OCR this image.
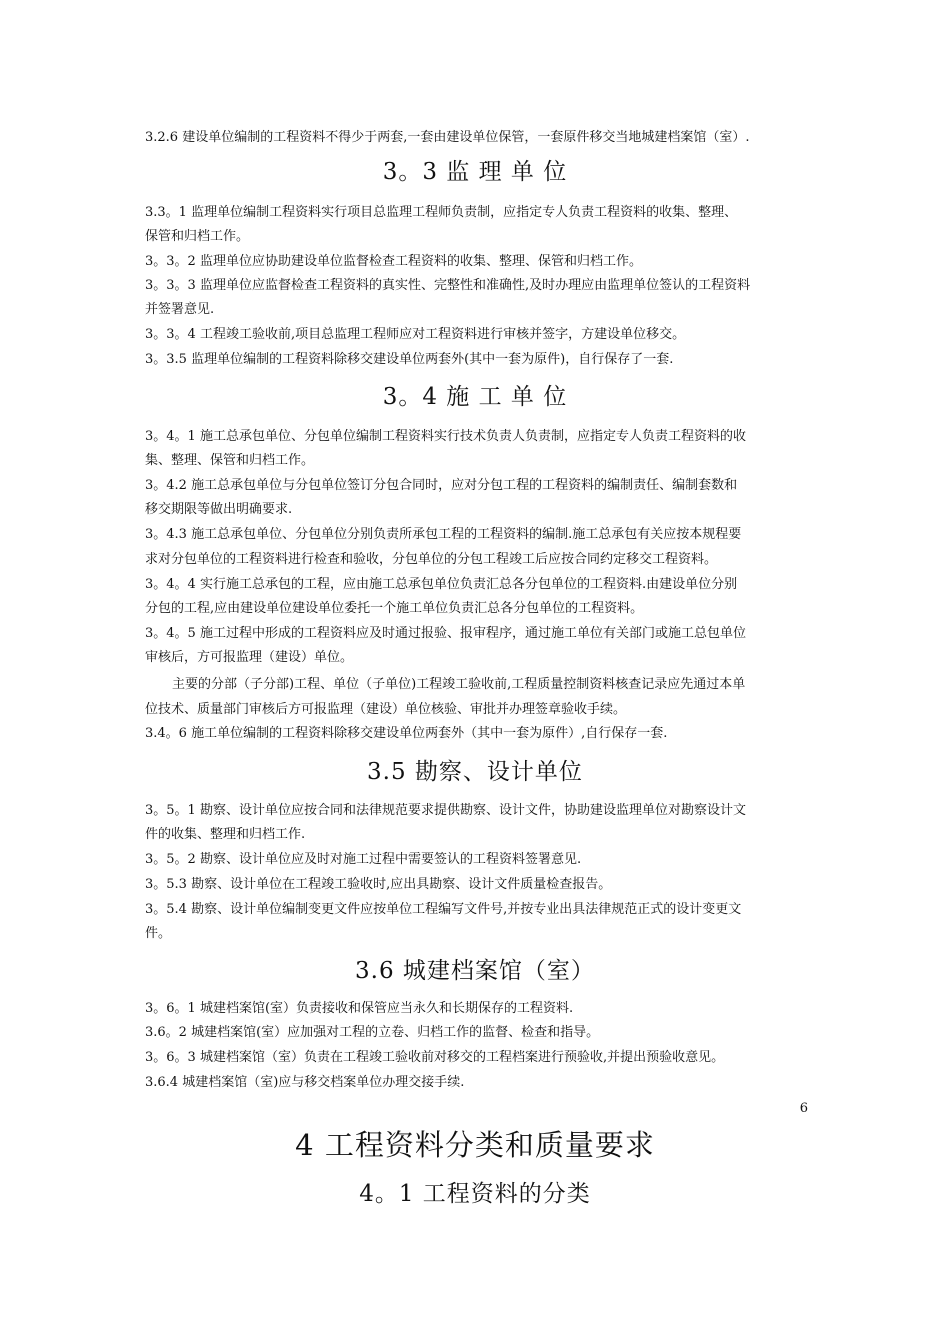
3.2.6 建设单位编制的工程资料不得少于两套,一套由建设单位保管，一套原件移交当地城建档案馆（室）.
3。3 监 理 单 位
3.3。1 监理单位编制工程资料实行项目总监理工程师负责制，应指定专人负责工程资料的收集、整理、
保管和归档工作。
3。3。2 监理单位应协助建设单位监督检查工程资料的收集、整理、保管和归档工作。
3。3。3 监理单位应监督检查工程资料的真实性、完整性和准确性,及时办理应由监理单位签认的工程资料
并签署意见.
3。3。4 工程竣工验收前,项目总监理工程师应对工程资料进行审核并签字，方建设单位移交。
3。3.5 监理单位编制的工程资料除移交建设单位两套外(其中一套为原件)，自行保存了一套.
3。4 施 工 单 位
3。4。1 施工总承包单位、分包单位编制工程资料实行技术负责人负责制，应指定专人负责工程资料的收
集、整理、保管和归档工作。
3。4.2 施工总承包单位与分包单位签订分包合同时，应对分包工程的工程资料的编制责任、编制套数和
移交期限等做出明确要求.
3。4.3 施工总承包单位、分包单位分别负责所承包工程的工程资料的编制.施工总承包有关应按本规程要
求对分包单位的工程资料进行检查和验收，分包单位的分包工程竣工后应按合同约定移交工程资料。
3。4。4 实行施工总承包的工程，应由施工总承包单位负责汇总各分包单位的工程资料.由建设单位分别
分包的工程,应由建设单位建设单位委托一个施工单位负责汇总各分包单位的工程资料。
3。4。5 施工过程中形成的工程资料应及时通过报验、报审程序，通过施工单位有关部门或施工总包单位
审核后，方可报监理（建设）单位。
主要的分部（子分部)工程、单位（子单位)工程竣工验收前,工程质量控制资料核查记录应先通过本单
位技术、质量部门审核后方可报监理（建设）单位核验、审批并办理签章验收手续。
3.4。6 施工单位编制的工程资料除移交建设单位两套外（其中一套为原件）,自行保存一套.
3.5 勘察、设计单位
3。5。1 勘察、设计单位应按合同和法律规范要求提供勘察、设计文件，协助建设监理单位对勘察设计文
件的收集、整理和归档工作.
3。5。2 勘察、设计单位应及时对施工过程中需要签认的工程资料签署意见.
3。5.3 勘察、设计单位在工程竣工验收时,应出具勘察、设计文件质量检查报告。
3。5.4 勘察、设计单位编制变更文件应按单位工程编写文件号,并按专业出具法律规范正式的设计变更文
件。
3.6 城建档案馆（室）
3。6。1 城建档案馆(室）负责接收和保管应当永久和长期保存的工程资料.
3.6。2 城建档案馆(室）应加强对工程的立卷、归档工作的监督、检查和指导。
3。6。3 城建档案馆（室）负责在工程竣工验收前对移交的工程档案进行预验收,并提出预验收意见。
3.6.4 城建档案馆（室)应与移交档案单位办理交接手续.
6
4 工程资料分类和质量要求
4。1 工程资料的分类
